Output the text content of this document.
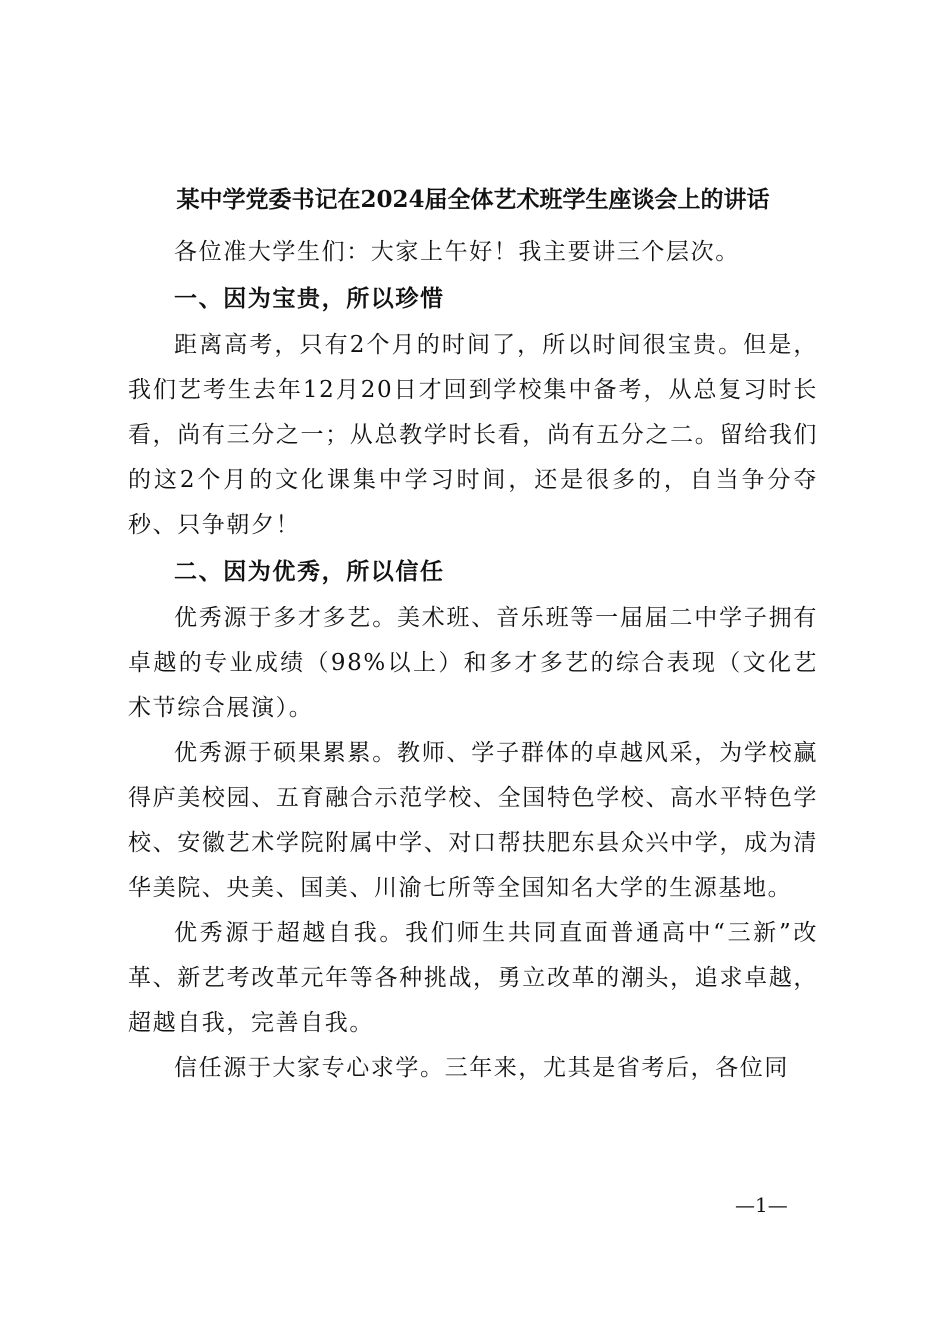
某中学党委书记在2024届全体艺术班学生座谈会上的讲话

各位准大学生们：大家上午好！我主要讲三个层次。

一、因为宝贵，所以珍惜

距离高考，只有2个月的时间了，所以时间很宝贵。但是，我们艺考生去年12月20日才回到学校集中备考，从总复习时长看，尚有三分之一；从总教学时长看，尚有五分之二。留给我们的这2个月的文化课集中学习时间，还是很多的，自当争分夺秒、只争朝夕！

二、因为优秀，所以信任

优秀源于多才多艺。美术班、音乐班等一届届二中学子拥有卓越的专业成绩（98%以上）和多才多艺的综合表现（文化艺术节综合展演）。

优秀源于硕果累累。教师、学子群体的卓越风采，为学校赢得庐美校园、五育融合示范学校、全国特色学校、高水平特色学校、安徽艺术学院附属中学、对口帮扶肥东县众兴中学，成为清华美院、央美、国美、川渝七所等全国知名大学的生源基地。

优秀源于超越自我。我们师生共同直面普通高中“三新”改革、新艺考改革元年等各种挑战，勇立改革的潮头，追求卓越，超越自我，完善自我。

信任源于大家专心求学。三年来，尤其是省考后，各位同

—1—
